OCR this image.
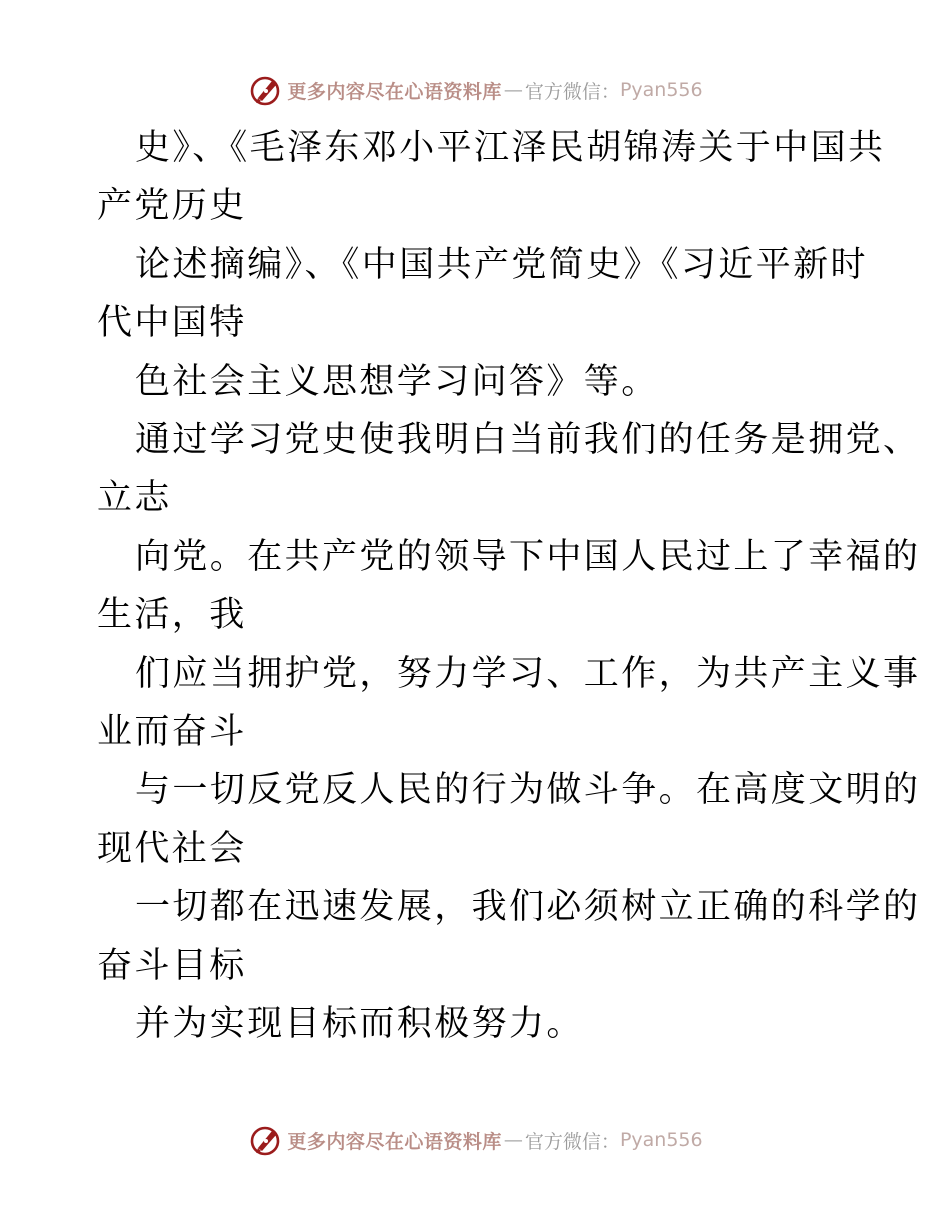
更多内容尽在心语资料库 — 官方微信： Pyan556
史》、《毛泽东邓小平江泽民胡锦涛关于中国共
产党历史
论述摘编》、《中国共产党简史》《习近平新时
代中国特
色社会主义思想学习问答》等。
通过学习党史使我明白当前我们的任务是拥党、
立志
向党。在共产党的领导下中国人民过上了幸福的
生活，我
们应当拥护党，努力学习、工作，为共产主义事
业而奋斗
与一切反党反人民的行为做斗争。在高度文明的
现代社会
一切都在迅速发展，我们必须树立正确的科学的
奋斗目标
并为实现目标而积极努力。
更多内容尽在心语资料库 — 官方微信： Pyan556
